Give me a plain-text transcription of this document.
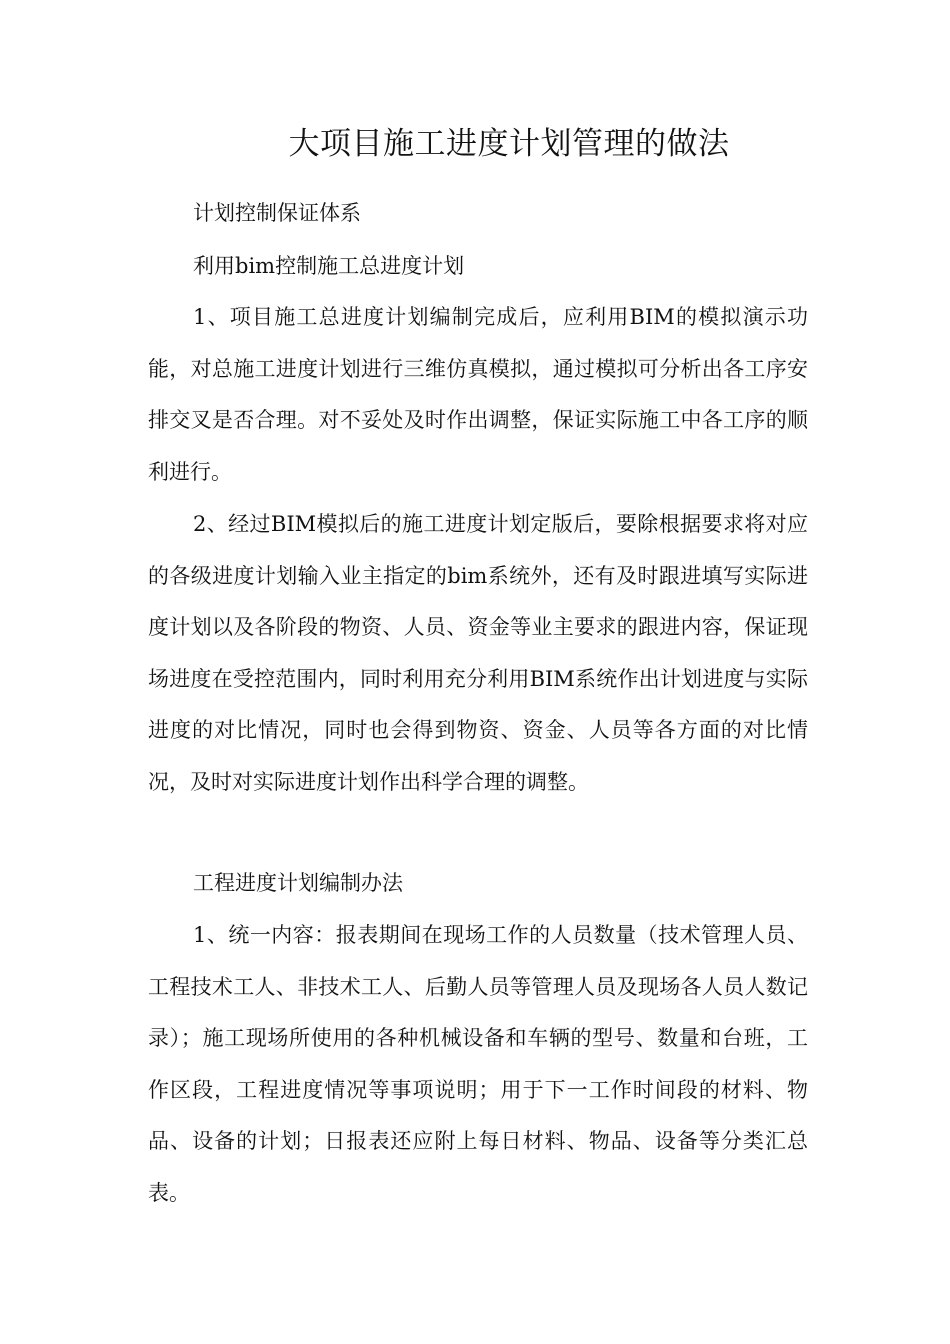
大项目施工进度计划管理的做法
计划控制保证体系
利用bim控制施工总进度计划

1、项目施工总进度计划编制完成后，应利用BIM的模拟演示功能，对总施工进度计划进行三维仿真模拟，通过模拟可分析出各工序安排交叉是否合理。对不妥处及时作出调整，保证实际施工中各工序的顺利进行。

2、经过BIM模拟后的施工进度计划定版后，要除根据要求将对应的各级进度计划输入业主指定的bim系统外，还有及时跟进填写实际进度计划以及各阶段的物资、人员、资金等业主要求的跟进内容，保证现场进度在受控范围内，同时利用充分利用BIM系统作出计划进度与实际进度的对比情况，同时也会得到物资、资金、人员等各方面的对比情况，及时对实际进度计划作出科学合理的调整。

工程进度计划编制办法

1、统一内容：报表期间在现场工作的人员数量（技术管理人员、工程技术工人、非技术工人、后勤人员等管理人员及现场各人员人数记录）；施工现场所使用的各种机械设备和车辆的型号、数量和台班，工作区段，工程进度情况等事项说明；用于下一工作时间段的材料、物品、设备的计划；日报表还应附上每日材料、物品、设备等分类汇总表。
